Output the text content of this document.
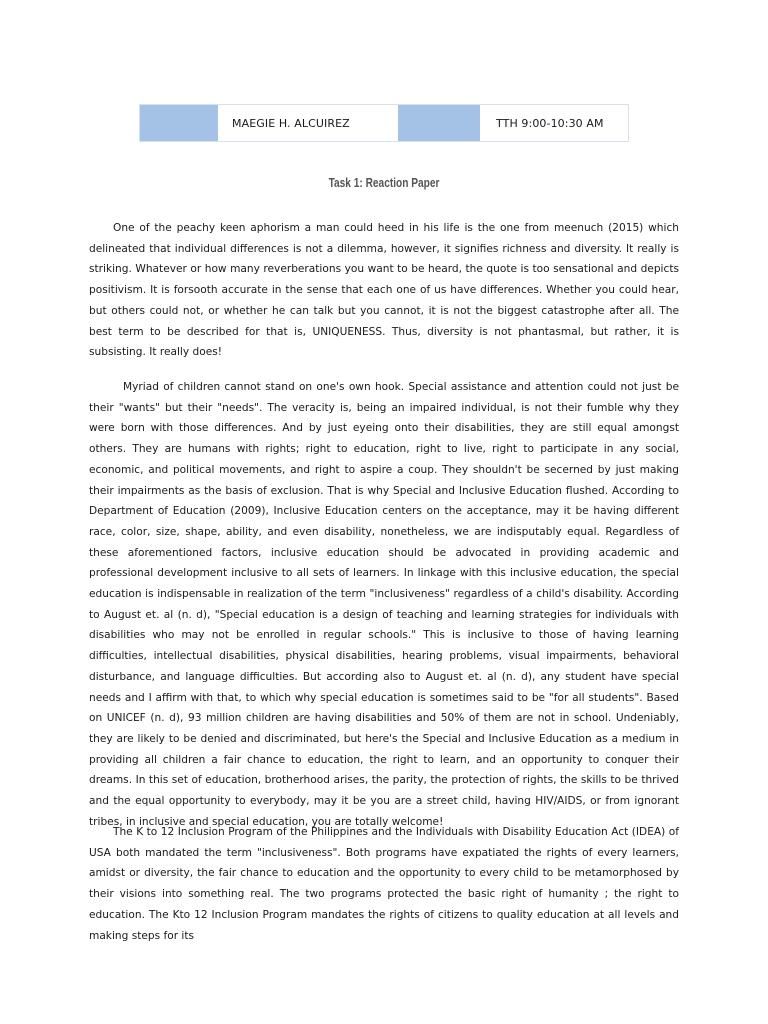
MAEGIE H. ALCUIREZ	TTH 9:00-10:30 AM
Task 1: Reaction Paper

One of the peachy keen aphorism a man could heed in his life is the one from meenuch (2015) which delineated that individual differences is not a dilemma, however, it signifies richness and diversity. It really is striking. Whatever or how many reverberations you want to be heard, the quote is too sensational and depicts positivism. It is forsooth accurate in the sense that each one of us have differences. Whether you could hear, but others could not, or whether he can talk but you cannot, it is not the biggest catastrophe after all. The best term to be described for that is, UNIQUENESS. Thus, diversity is not phantasmal, but rather, it is subsisting. It really does!

Myriad of children cannot stand on one's own hook. Special assistance and attention could not just be their "wants" but their "needs". The veracity is, being an impaired individual, is not their fumble why they were born with those differences. And by just eyeing onto their disabilities, they are still equal amongst others. They are humans with rights; right to education, right to live, right to participate in any social, economic, and political movements, and right to aspire a coup. They shouldn't be secerned by just making their impairments as the basis of exclusion. That is why Special and Inclusive Education flushed. According to Department of Education (2009), Inclusive Education centers on the acceptance, may it be having different race, color, size, shape, ability, and even disability, nonetheless, we are indisputably equal. Regardless of these aforementioned factors, inclusive education should be advocated in providing academic and professional development inclusive to all sets of learners. In linkage with this inclusive education, the special education is indispensable in realization of the term "inclusiveness" regardless of a child's disability. According to August et. al (n. d), "Special education is a design of teaching and learning strategies for individuals with disabilities who may not be enrolled in regular schools." This is inclusive to those of having learning difficulties, intellectual disabilities, physical disabilities, hearing problems, visual impairments, behavioral disturbance, and language difficulties. But according also to August et. al (n. d), any student have special needs and I affirm with that, to which why special education is sometimes said to be "for all students". Based on UNICEF (n. d), 93 million children are having disabilities and 50% of them are not in school. Undeniably, they are likely to be denied and discriminated, but here's the Special and Inclusive Education as a medium in providing all children a fair chance to education, the right to learn, and an opportunity to conquer their dreams. In this set of education, brotherhood arises, the parity, the protection of rights, the skills to be thrived and the equal opportunity to everybody, may it be you are a street child, having HIV/AIDS, or from ignorant tribes, in inclusive and special education, you are totally welcome!

The K to 12 Inclusion Program of the Philippines and the Individuals with Disability Education Act (IDEA) of USA both mandated the term "inclusiveness". Both programs have expatiated the rights of every learners, amidst or diversity, the fair chance to education and the opportunity to every child to be metamorphosed by their visions into something real. The two programs protected the basic right of humanity ; the right to education. The Kto 12 Inclusion Program mandates the rights of citizens to quality education at all levels and making steps for its
